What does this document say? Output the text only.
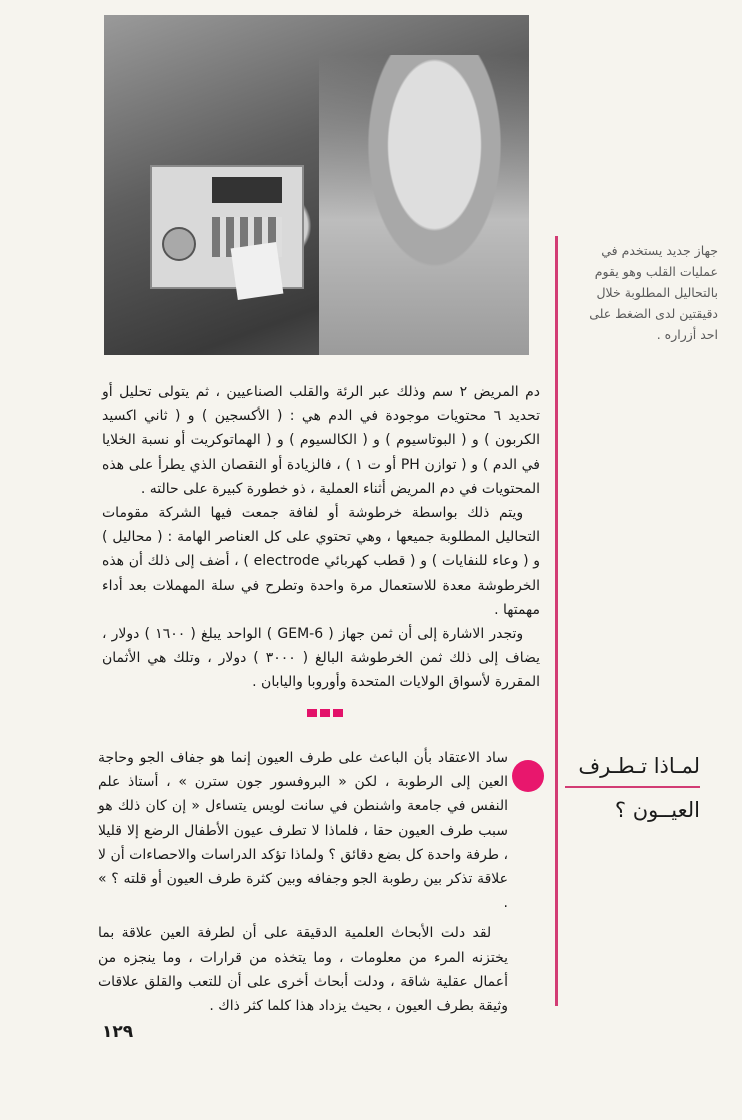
جهاز جديد يستخدم في عمليات القلب وهو يقوم بالتحاليل المطلوبة خلال دقيقتين لدى الضغط على احد أزراره .

دم المريض ٢ سم وذلك عبر الرئة والقلب الصناعيين ، ثم يتولى تحليل أو تحديد ٦ محتويات موجودة في الدم هي : ( الأكسجين ) و ( ثاني اكسيد الكربون ) و ( البوتاسيوم ) و ( الكالسيوم ) و ( الهماتوكريت أو نسبة الخلايا في الدم ) و ( توازن PH أو ت ١ ) ، فالزيادة أو النقصان الذي يطرأ على هذه المحتويات في دم المريض أثناء العملية ، ذو خطورة كبيرة على حالته .

ويتم ذلك بواسطة خرطوشة أو لفافة جمعت فيها الشركة مقومات التحاليل المطلوبة جميعها ، وهي تحتوي على كل العناصر الهامة : ( محاليل ) و ( وعاء للنفايات ) و ( قطب كهربائي electrode ) ، أضف إلى ذلك أن هذه الخرطوشة معدة للاستعمال مرة واحدة وتطرح في سلة المهملات بعد أداء مهمتها .

وتجدر الاشارة إلى أن ثمن جهاز ( GEM-6 ) الواحد يبلغ ( ١٦٠٠ ) دولار ، يضاف إلى ذلك ثمن الخرطوشة البالغ ( ٣٠٠٠ ) دولار ، وتلك هي الأثمان المقررة لأسواق الولايات المتحدة وأوروبا واليابان .

لمـاذا تـطـرف
العيــون ؟

ساد الاعتقاد بأن الباعث على طرف العيون إنما هو جفاف الجو وحاجة العين إلى الرطوبة ، لكن « البروفسور جون سترن » ، أستاذ علم النفس في جامعة واشنطن في سانت لويس يتساءل « إن كان ذلك هو سبب طرف العيون حقا ، فلماذا لا تطرف عيون الأطفال الرضع إلا قليلا ، طرفة واحدة كل بضع دقائق ؟ ولماذا تؤكد الدراسات والاحصاءات أن لا علاقة تذكر بين رطوبة الجو وجفافه وبين كثرة طرف العيون أو قلته ؟ » .

لقد دلت الأبحاث العلمية الدقيقة على أن لطرفة العين علاقة بما يختزنه المرء من معلومات ، وما يتخذه من قرارات ، وما ينجزه من أعمال عقلية شاقة ، ودلت أبحاث أخرى على أن للتعب والقلق علاقات وثيقة بطرف العيون ، بحيث يزداد هذا كلما كثر ذاك .

١٢٩
